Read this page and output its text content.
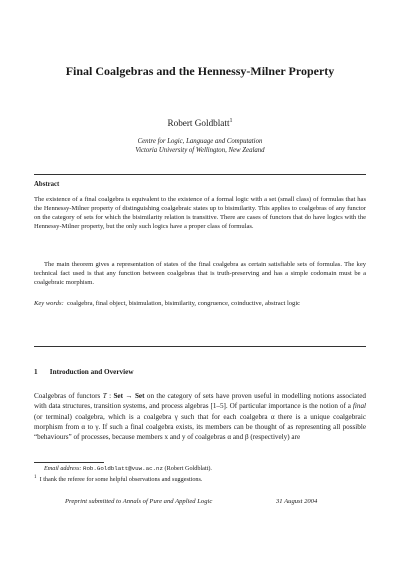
Final Coalgebras and the Hennessy-Milner Property
Robert Goldblatt$^1$
Centre for Logic, Language and Computation
Victoria University of Wellington, New Zealand
Abstract
The existence of a final coalgebra is equivalent to the existence of a formal logic with a set (small class) of formulas that has the Hennessy-Milner property of distinguishing coalgebraic states up to bisimilarity. This applies to coalgebras of any functor on the category of sets for which the bisimilarity relation is transitive. There are cases of functors that do have logics with the Hennessy-Milner property, but the only such logics have a proper class of formulas.
The main theorem gives a representation of states of the final coalgebra as certain satisfiable sets of formulas. The key technical fact used is that any function between coalgebras that is truth-preserving and has a simple codomain must be a coalgebraic morphism.
Key words: coalgebra, final object, bisimulation, bisimilarity, congruence, coinductive, abstract logic
1 Introduction and Overview
Coalgebras of functors T : Set → Set on the category of sets have proven useful in modelling notions associated with data structures, transition systems, and process algebras [1–5]. Of particular importance is the notion of a final (or terminal) coalgebra, which is a coalgebra γ such that for each coalgebra α there is a unique coalgebraic morphism from α to γ. If such a final coalgebra exists, its members can be thought of as representing all possible “behaviours” of processes, because members x and y of coalgebras α and β (respectively) are
Email address: Rob.Goldblatt@vuw.ac.nz (Robert Goldblatt).
$^1$ I thank the referee for some helpful observations and suggestions.
Preprint submitted to Annals of Pure and Applied Logic	31 August 2004
